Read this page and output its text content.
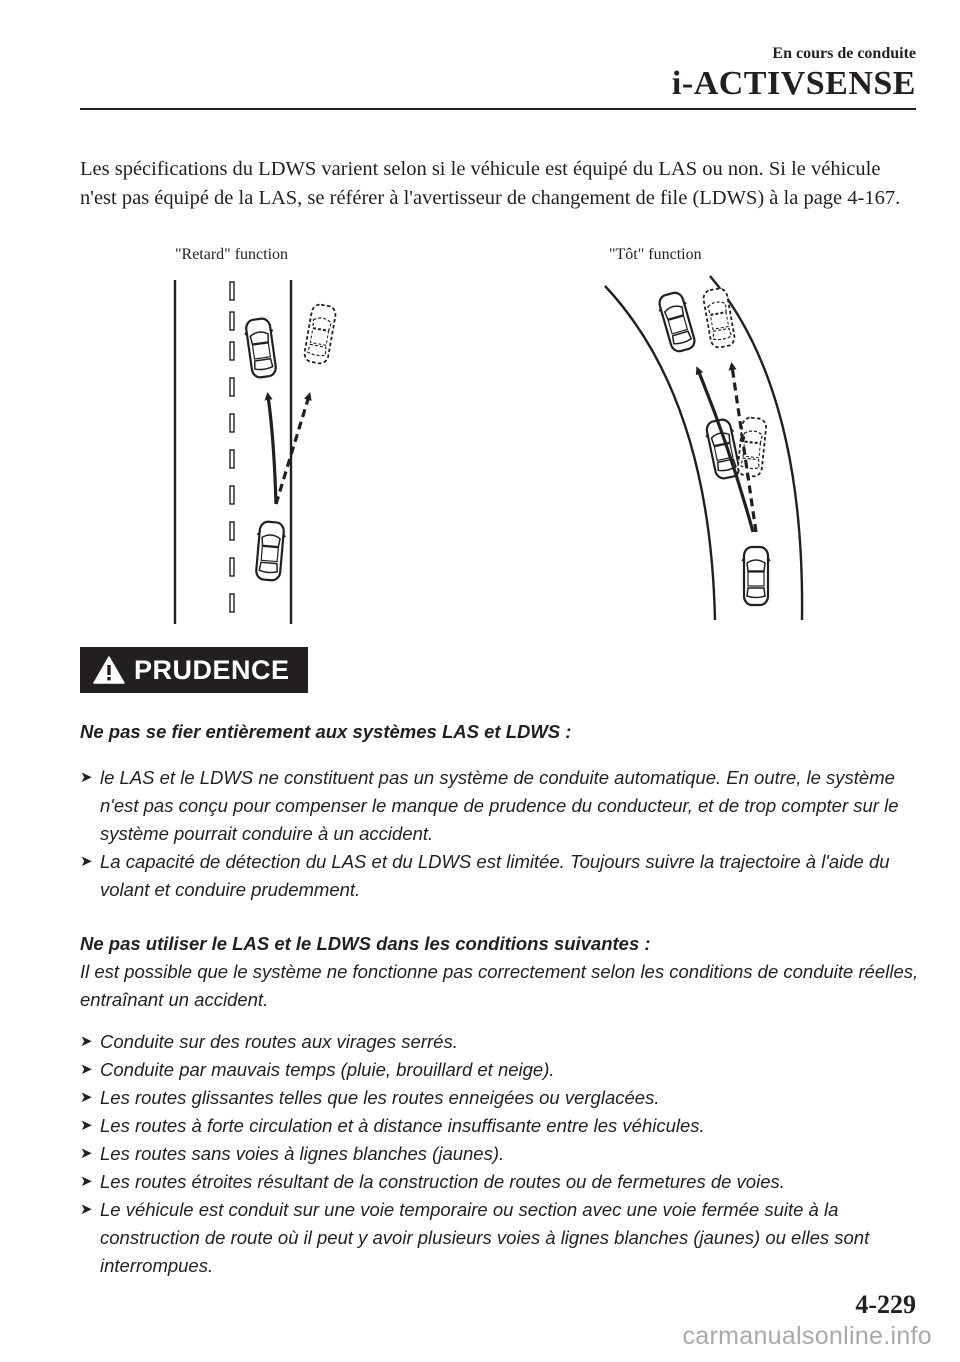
En cours de conduite
i-ACTIVSENSE
Les spécifications du LDWS varient selon si le véhicule est équipé du LAS ou non. Si le véhicule n'est pas équipé de la LAS, se référer à l'avertisseur de changement de file (LDWS) à la page 4-167.
"Retard" function	"Tôt" function
PRUDENCE

Ne pas se fier entièrement aux systèmes LAS et LDWS :

➤ le LAS et le LDWS ne constituent pas un système de conduite automatique. En outre, le système n'est pas conçu pour compenser le manque de prudence du conducteur, et de trop compter sur le système pourrait conduire à un accident.
➤ La capacité de détection du LAS et du LDWS est limitée. Toujours suivre la trajectoire à l'aide du volant et conduire prudemment.

Ne pas utiliser le LAS et le LDWS dans les conditions suivantes :

Il est possible que le système ne fonctionne pas correctement selon les conditions de conduite réelles, entraînant un accident.

➤ Conduite sur des routes aux virages serrés.
➤ Conduite par mauvais temps (pluie, brouillard et neige).
➤ Les routes glissantes telles que les routes enneigées ou verglacées.
➤ Les routes à forte circulation et à distance insuffisante entre les véhicules.
➤ Les routes sans voies à lignes blanches (jaunes).
➤ Les routes étroites résultant de la construction de routes ou de fermetures de voies.
➤ Le véhicule est conduit sur une voie temporaire ou section avec une voie fermée suite à la construction de route où il peut y avoir plusieurs voies à lignes blanches (jaunes) ou elles sont interrompues.
4-229
carmanualsonline.info
